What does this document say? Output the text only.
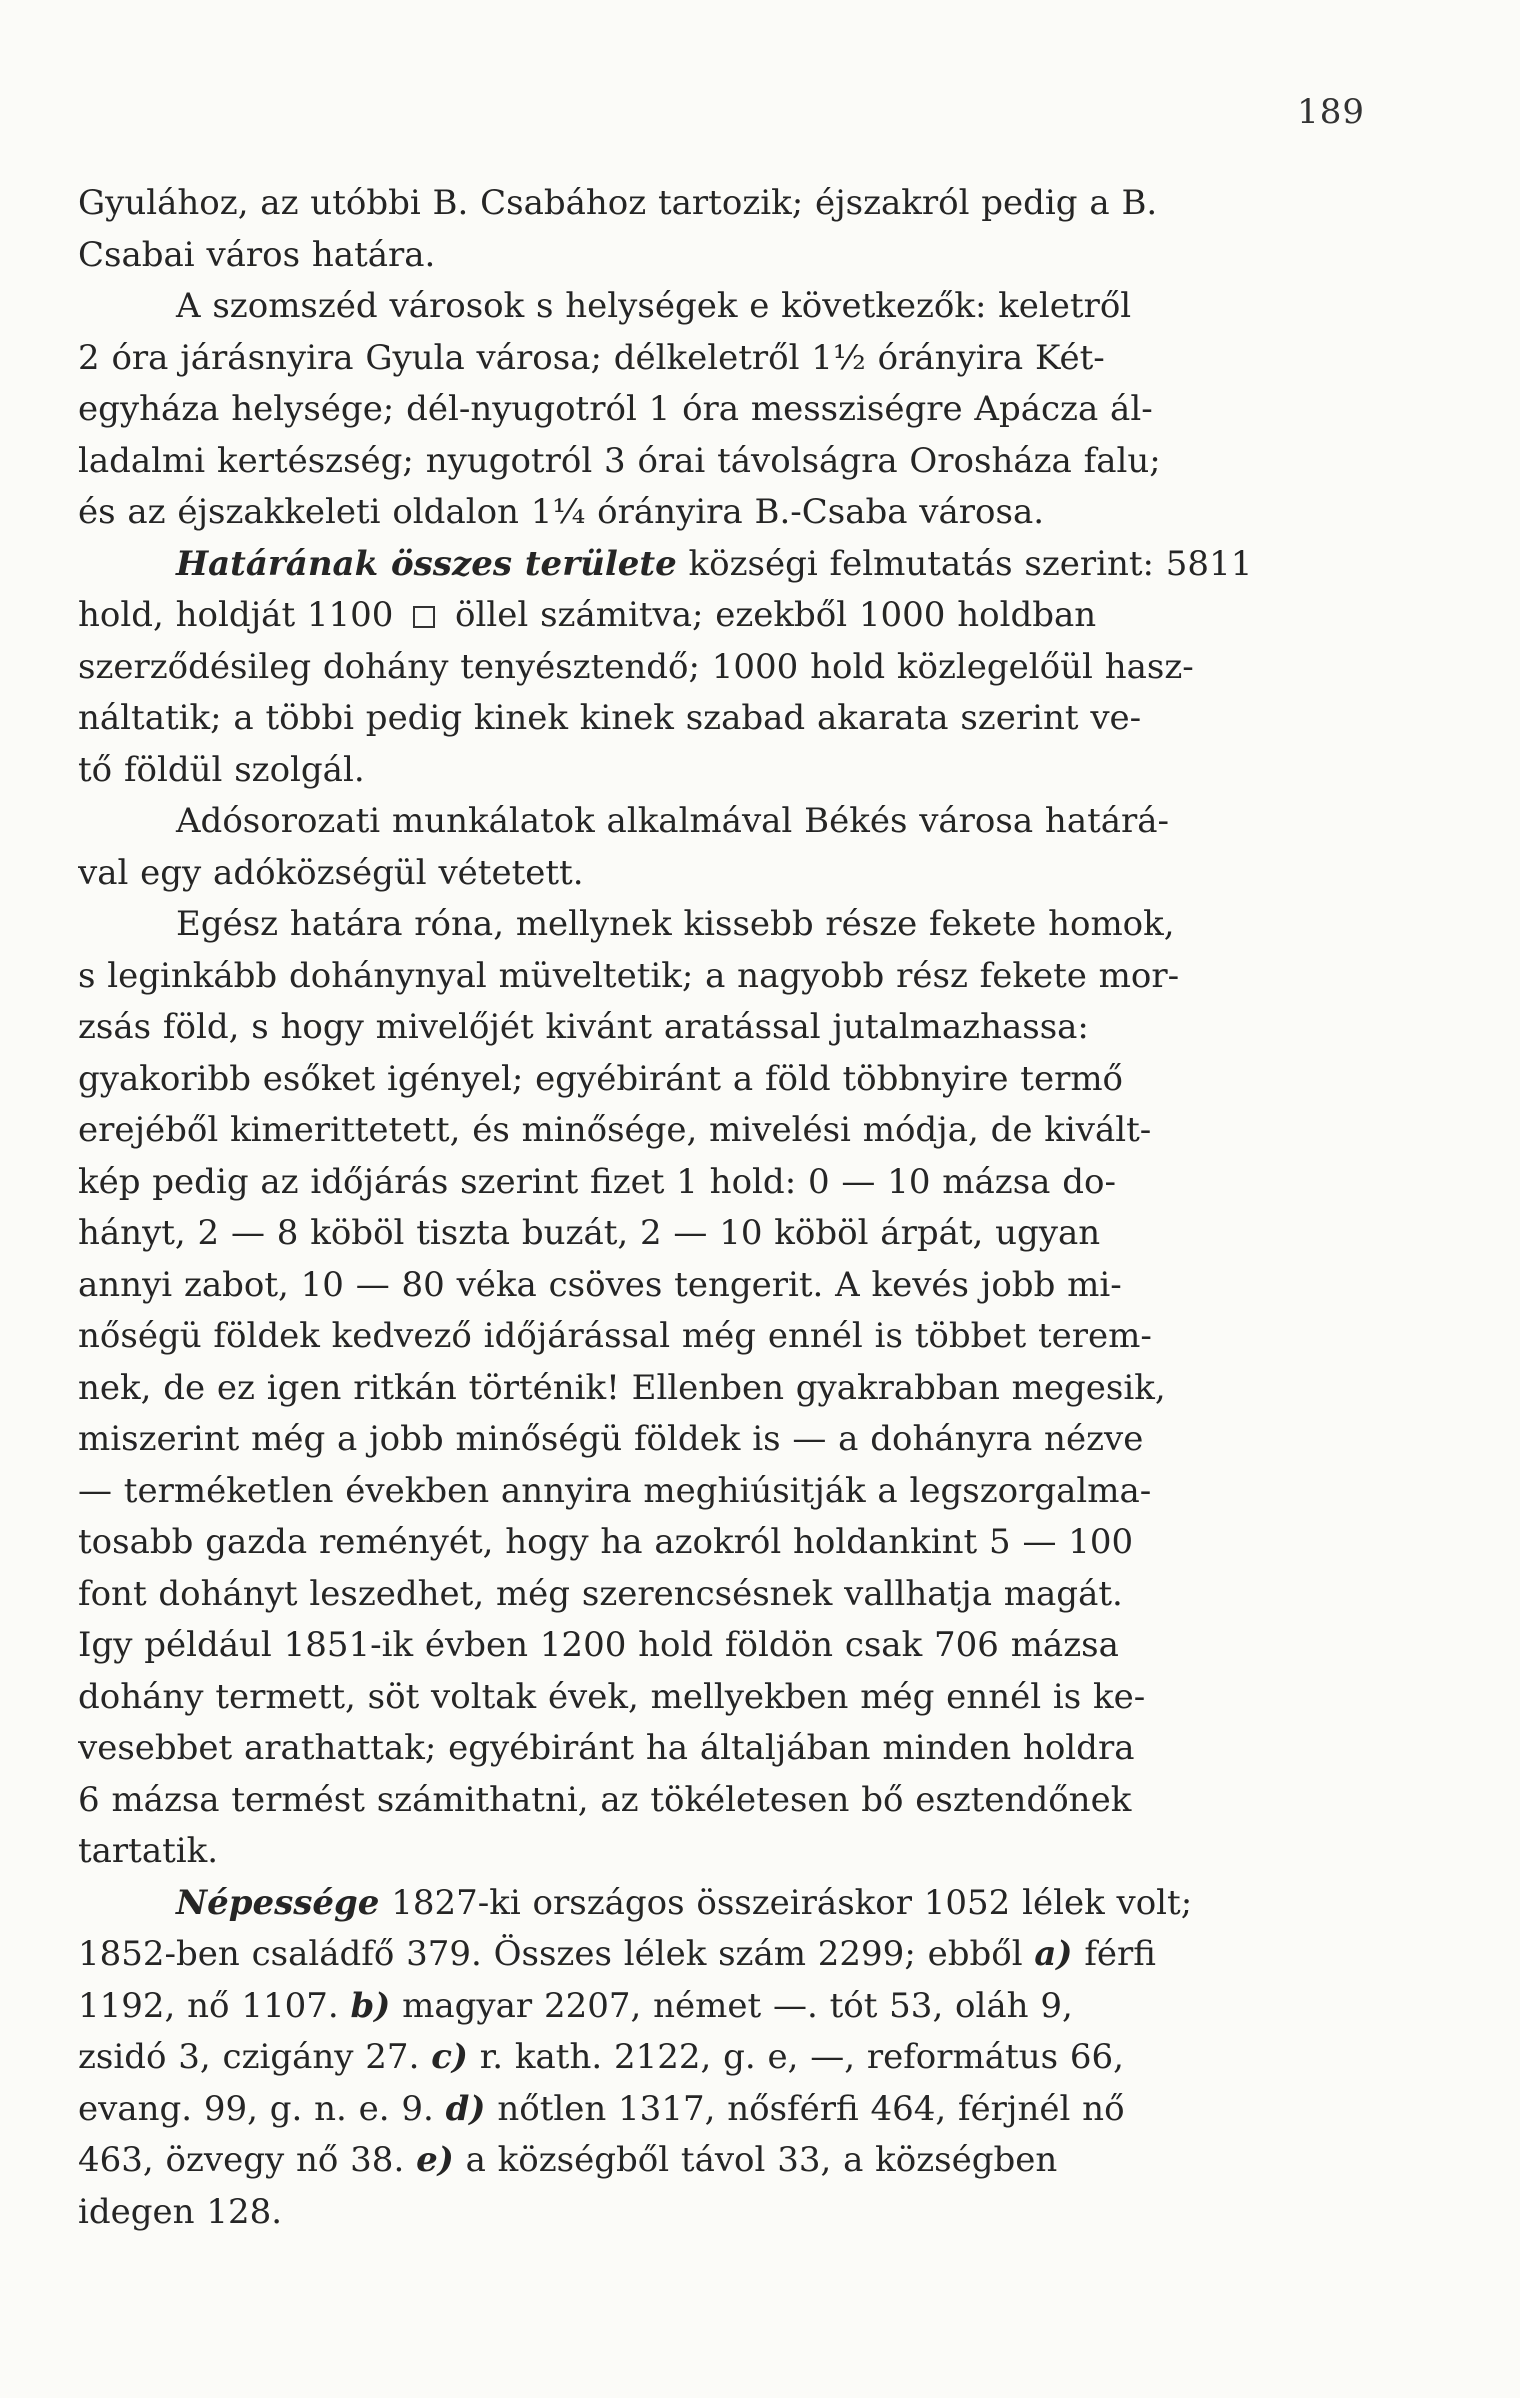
189
Gyulához, az utóbbi B. Csabához tartozik; éjszakról pedig a B.
Csabai város határa.
A szomszéd városok s helységek e következők: keletről
2 óra járásnyira Gyula városa; délkeletről 1½ órányira Két-
egyháza helysége; dél-nyugotról 1 óra messziségre Apácza ál-
ladalmi kertészség; nyugotról 3 órai távolságra Orosháza falu;
és az éjszakkeleti oldalon 1¼ órányira B.-Csaba városa.
Határának összes területe községi felmutatás szerint: 5811
hold, holdját 1100  öllel számitva; ezekből 1000 holdban
szerződésileg dohány tenyésztendő; 1000 hold közlegelőül hasz-
náltatik; a többi pedig kinek kinek szabad akarata szerint ve-
tő földül szolgál.
Adósorozati munkálatok alkalmával Békés városa határá-
val egy adóközségül vétetett.
Egész határa róna, mellynek kissebb része fekete homok,
s leginkább dohánynyal müveltetik; a nagyobb rész fekete mor-
zsás föld, s hogy mivelőjét kivánt aratással jutalmazhassa:
gyakoribb esőket igényel; egyébiránt a föld többnyire termő
erejéből kimerittetett, és minősége, mivelési módja, de kivált-
kép pedig az időjárás szerint fizet 1 hold: 0 — 10 mázsa do-
hányt, 2 — 8 köböl tiszta buzát, 2 — 10 köböl árpát, ugyan
annyi zabot, 10 — 80 véka csöves tengerit. A kevés jobb mi-
nőségü földek kedvező időjárással még ennél is többet terem-
nek, de ez igen ritkán történik! Ellenben gyakrabban megesik,
miszerint még a jobb minőségü földek is — a dohányra nézve
— terméketlen években annyira meghiúsitják a legszorgalma-
tosabb gazda reményét, hogy ha azokról holdankint 5 — 100
font dohányt leszedhet, még szerencsésnek vallhatja magát.
Igy például 1851-ik évben 1200 hold földön csak 706 mázsa
dohány termett, söt voltak évek, mellyekben még ennél is ke-
vesebbet arathattak; egyébiránt ha általjában minden holdra
6 mázsa termést számithatni, az tökéletesen bő esztendőnek
tartatik.
Népessége 1827-ki országos összeiráskor 1052 lélek volt;
1852-ben családfő 379. Összes lélek szám 2299; ebből a) férfi
1192, nő 1107. b) magyar 2207, német —. tót 53, oláh 9,
zsidó 3, czigány 27. c) r. kath. 2122, g. e, —, református 66,
evang. 99, g. n. e. 9. d) nőtlen 1317, nősférfi 464, férjnél nő
463, özvegy nő 38. e) a községből távol 33, a községben
idegen 128.
